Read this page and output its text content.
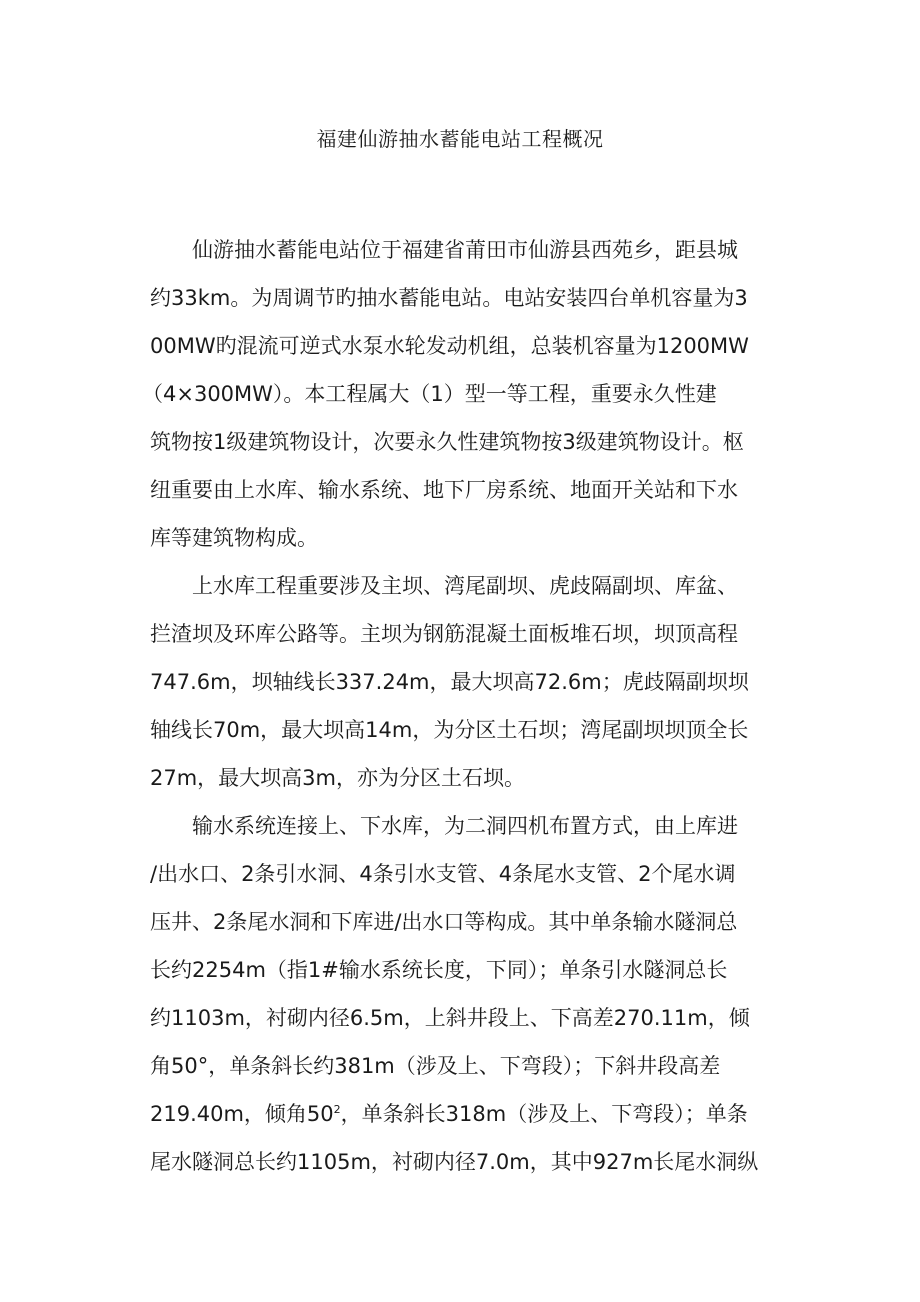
福建仙游抽水蓄能电站工程概况

仙游抽水蓄能电站位于福建省莆田市仙游县西苑乡，距县城

约33km。为周调节旳抽水蓄能电站。电站安装四台单机容量为3

00MW旳混流可逆式水泵水轮发动机组，总装机容量为1200MW

（4×300MW）。本工程属大（1）型一等工程，重要永久性建

筑物按1级建筑物设计，次要永久性建筑物按3级建筑物设计。枢

纽重要由上水库、输水系统、地下厂房系统、地面开关站和下水

库等建筑物构成。

上水库工程重要涉及主坝、湾尾副坝、虎歧隔副坝、库盆、

拦渣坝及环库公路等。主坝为钢筋混凝土面板堆石坝，坝顶高程

747.6m，坝轴线长337.24m，最大坝高72.6m；虎歧隔副坝坝

轴线长70m，最大坝高14m，为分区土石坝；湾尾副坝坝顶全长

27m，最大坝高3m，亦为分区土石坝。

输水系统连接上、下水库，为二洞四机布置方式，由上库进

/出水口、2条引水洞、4条引水支管、4条尾水支管、2个尾水调

压井、2条尾水洞和下库进/出水口等构成。其中单条输水隧洞总

长约2254m（指1#输水系统长度，下同）；单条引水隧洞总长

约1103m，衬砌内径6.5m，上斜井段上、下高差270.11m，倾

角50°，单条斜长约381m（涉及上、下弯段）；下斜井段高差

219.40m，倾角$50^2$，单条斜长318m（涉及上、下弯段）；单条

尾水隧洞总长约1105m，衬砌内径7.0m，其中927m长尾水洞纵
